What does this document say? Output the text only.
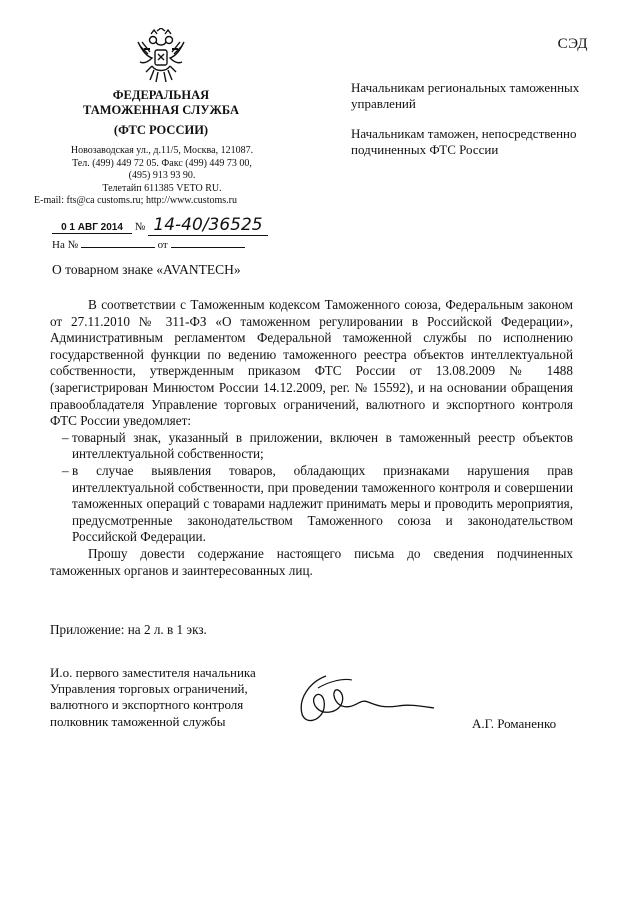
СЭД
ФЕДЕРАЛЬНАЯ
ТАМОЖЕННАЯ СЛУЖБА
(ФТС РОССИИ)
Новозаводская ул., д.11/5, Москва, 121087.
Тел. (499) 449 72 05. Факс (499) 449 73 00,
(495) 913 93 90.
Телетайп 611385 VETO RU.
E-mail: fts@ca customs.ru; http://www.customs.ru
0 1 АВГ 2014 № 14-40/36525
На №	от
Начальникам региональных таможенных управлений
Начальникам таможен, непосредственно подчиненных ФТС России
О товарном знаке «AVANTECH»

В соответствии с Таможенным кодексом Таможенного союза, Федеральным законом от 27.11.2010 № 311-ФЗ «О таможенном регулировании в Российской Федерации», Административным регламентом Федеральной таможенной службы по исполнению государственной функции по ведению таможенного реестра объектов интеллектуальной собственности, утвержденным приказом ФТС России от 13.08.2009 № 1488 (зарегистрирован Минюстом России 14.12.2009, рег. № 15592), и на основании обращения правообладателя Управление торговых ограничений, валютного и экспортного контроля ФТС России уведомляет:

– товарный знак, указанный в приложении, включен в таможенный реестр объектов интеллектуальной собственности;
– в случае выявления товаров, обладающих признаками нарушения прав интеллектуальной собственности, при проведении таможенного контроля и совершении таможенных операций с товарами надлежит принимать меры и проводить мероприятия, предусмотренные законодательством Таможенного союза и законодательством Российской Федерации.

Прошу довести содержание настоящего письма до сведения подчиненных таможенных органов и заинтересованных лиц.

Приложение: на 2 л. в 1 экз.
И.о. первого заместителя начальника
Управления торговых ограничений,
валютного и экспортного контроля
полковник таможенной службы	А.Г. Романенко
